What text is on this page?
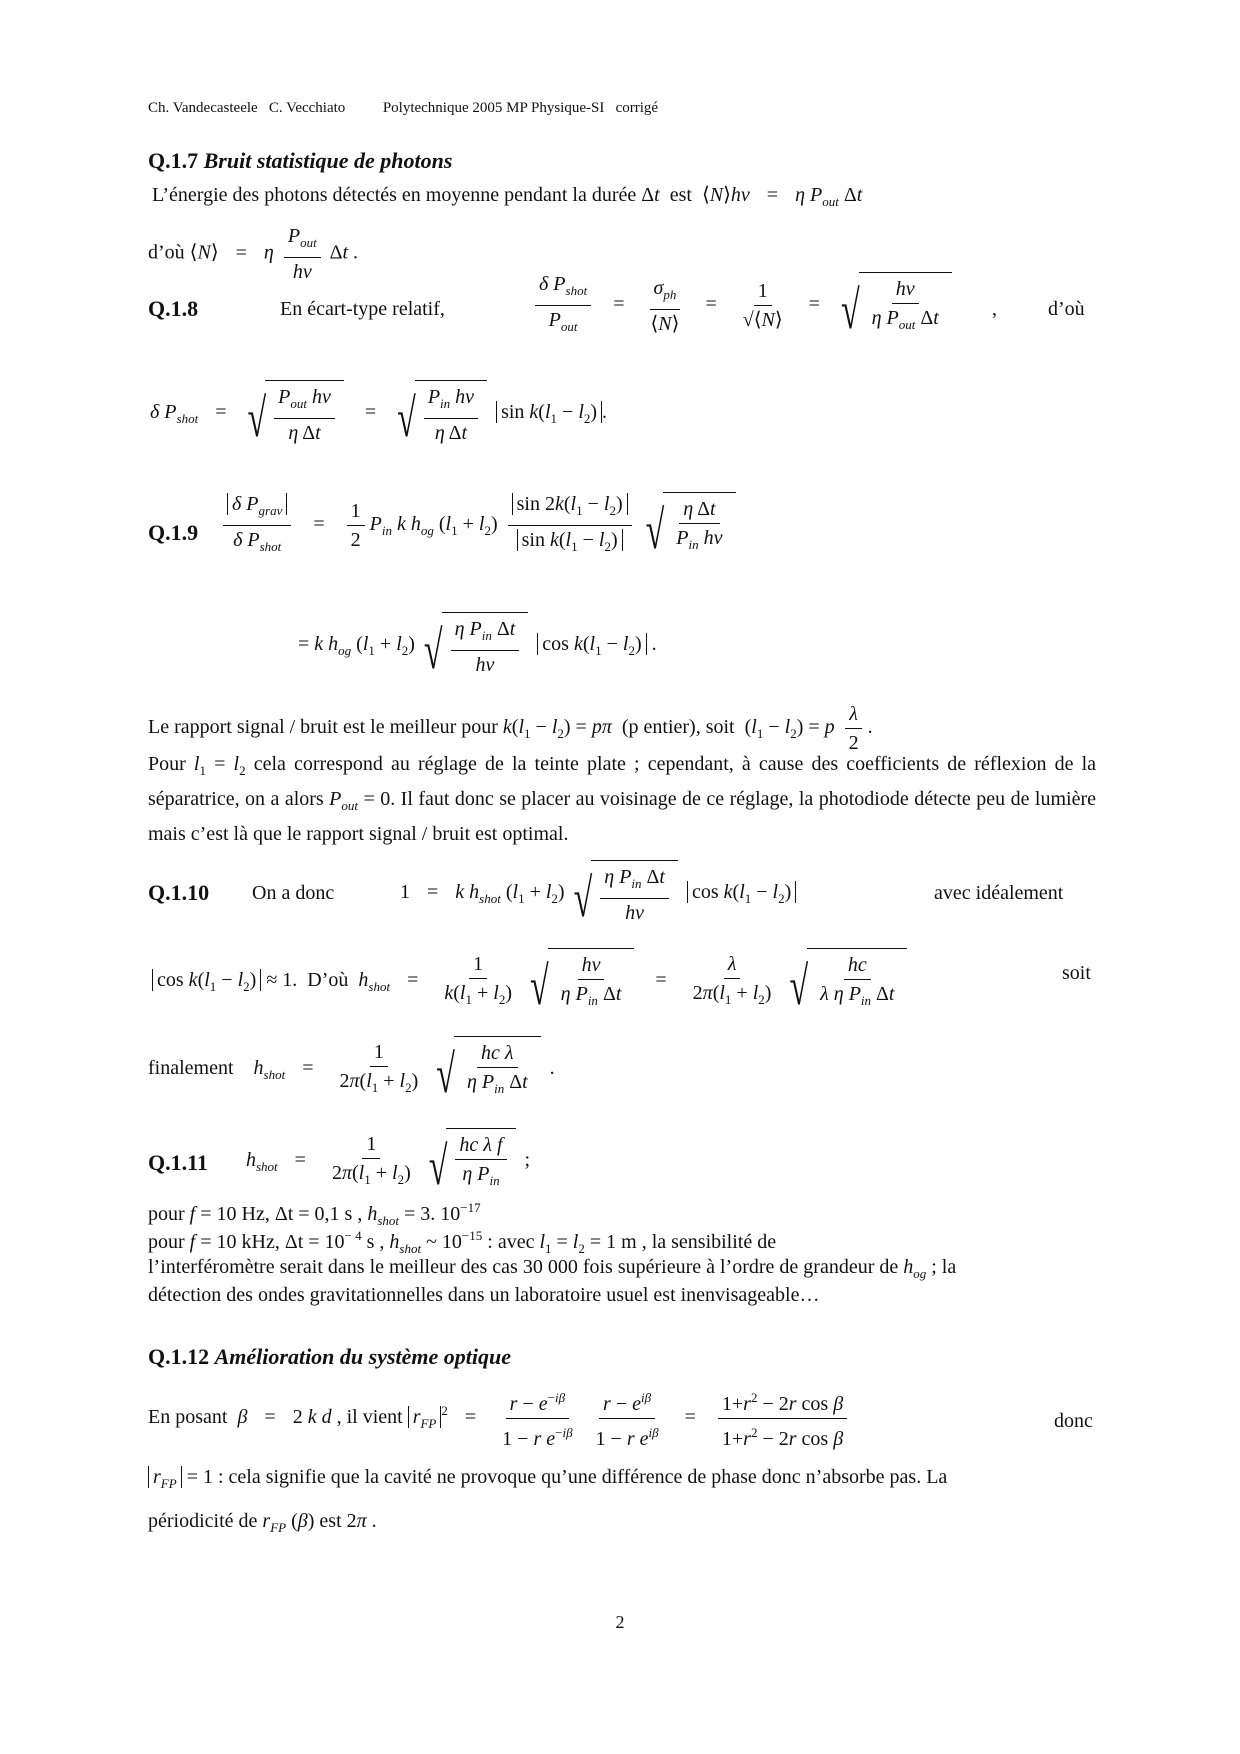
Ch. Vandecasteele   C. Vecchiato	Polytechnique 2005 MP Physique-SI   corrigé
Q.1.7 Bruit statistique de photons
L’énergie des photons détectés en moyenne pendant la durée Δt est  ⟨N⟩hν = η $P_{out}$ Δt
d’où ⟨N⟩ = η $\frac{P_{out}}{h\nu}$ Δt .
Q.1.8	En écart-type relatif,	$\frac{\delta P_{shot}}{P_{out}} = \frac{\sigma_{ph}}{⟨N⟩} = \frac{1}{√⟨N⟩}$ = √ $\frac{h\nu}{\eta P_{out} \Delta t}$ ,	d’où
δ $P_{shot}$ = √ $\frac{P_{out} h\nu}{\text{η Δt}}$ = √ $\frac{P_{in} h\nu}{\text{η Δt}}$ $\sin k(l_1 - l_2)$ .
$Q.1.9 \frac{\delta P_{grav}}{\delta P_{shot}} = \frac{1}{2} P_{in}$ k $h_{og}$ $(l_1 + l_2) \frac{\sin 2k(l_1 - l_2)}{\sin k(l_1 - l_2)}$
√ $\frac{\text{η Δt}}{P_{in} h\nu}$
= k $h_{og}$ $(l_1 + l_2)$ √ $\frac{\eta P_{in} \Delta t}{h\nu}$ $\cos k(l_1 - l_2)$ .
Le rapport signal / bruit est le meilleur pour $k(l_1 - l_2) = p\pi$ (p entier), soit  $(l_1 - l_2) = p \frac{\lambda}{2}$ .
Pour $l_1 = l_2$ cela correspond au réglage de la teinte plate ; cependant, à cause des coefficients de réflexion de la séparatrice, on a alors $P_{out} = 0$. Il faut donc se placer au voisinage de ce réglage, la photodiode détecte peu de lumière mais c’est là que le rapport signal / bruit est optimal.
Q.1.10 On a donc	1 = k $h_{shot}$ $(l_1 + l_2)$ √ $\frac{\eta P_{in} \Delta t}{h\nu}$ $\cos k(l_1 - l_2)$	avec idéalement
$\cos k(l_1 - l_2) \approx 1$.  D’où $h_{shot} = \frac{1}{k(l_1 + l_2)}$
√ $\frac{h\nu}{\eta P_{in} \Delta t} = \frac{\lambda}{2\pi(l_1 + l_2)}$
√ $\frac{hc}{\lambda \eta P_{in} \Delta t}$	soit
finalement $h_{shot} = \frac{1}{2\pi(l_1 + l_2)}$
√ $\frac{\text{hc λ}}{\eta P_{in} \Delta t}$ .
Q.1.11 $h_{shot} = \frac{1}{2\pi(l_1 + l_2)}$
√ $\frac{\text{hc λ f}}{\eta P_{in}}$ ;
pour f = 10 Hz, Δt = 0,1 s , $h_{shot} = 3$. $10^{-17}$
pour f = 10 kHz, $\Delta t = 10^{- 4}$ s , $h_{shot}$ ~ $10^{-15}$ : avec $l_1 = l_2 = 1$ m , la sensibilité de
l’interféromètre serait dans le meilleur des cas 30 000 fois supérieure à l’ordre de grandeur de $h_{og}$ ; la
détection des ondes gravitationnelles dans un laboratoire usuel est inenvisageable…
Q.1.12 Amélioration du système optique
En posant β = 2 k d , il vient $r_{FP}^2 = \frac{r - e^{-i\beta}}{1 - r e^{-i\beta}}$
$\frac{r - e^{i\beta}}{1 - r e^{i\beta}} = \frac{1+r^2 - 2r \cos \beta}{1+r^2 - 2r \cos \beta}$	donc
$r_{FP} = 1$ : cela signifie que la cavité ne provoque qu’une différence de phase donc n’absorbe pas. La
périodicité de $r_{FP}$ (β) est 2π .
2
